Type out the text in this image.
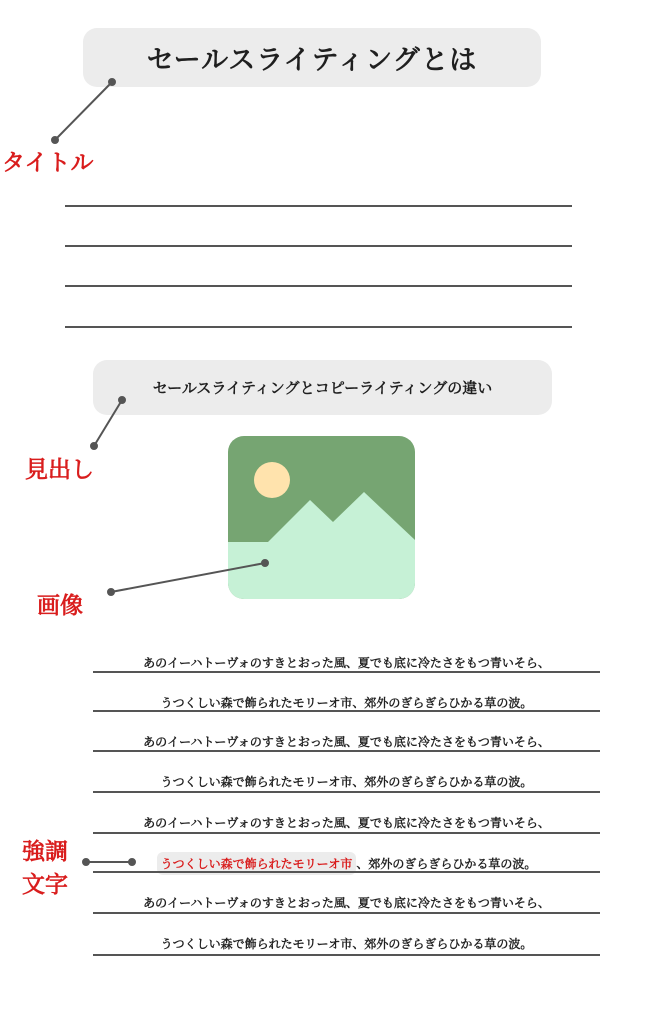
セールスライティングとは
タイトル
セールスライティングとコピーライティングの違い
見出し
画像
あのイーハトーヴォのすきとおった風、夏でも底に冷たさをもつ青いそら、
うつくしい森で飾られたモリーオ市、郊外のぎらぎらひかる草の波。
あのイーハトーヴォのすきとおった風、夏でも底に冷たさをもつ青いそら、
うつくしい森で飾られたモリーオ市、郊外のぎらぎらひかる草の波。
あのイーハトーヴォのすきとおった風、夏でも底に冷たさをもつ青いそら、
うつくしい森で飾られたモリーオ市 、郊外のぎらぎらひかる草の波。
あのイーハトーヴォのすきとおった風、夏でも底に冷たさをもつ青いそら、
うつくしい森で飾られたモリーオ市、郊外のぎらぎらひかる草の波。
強調
文字
